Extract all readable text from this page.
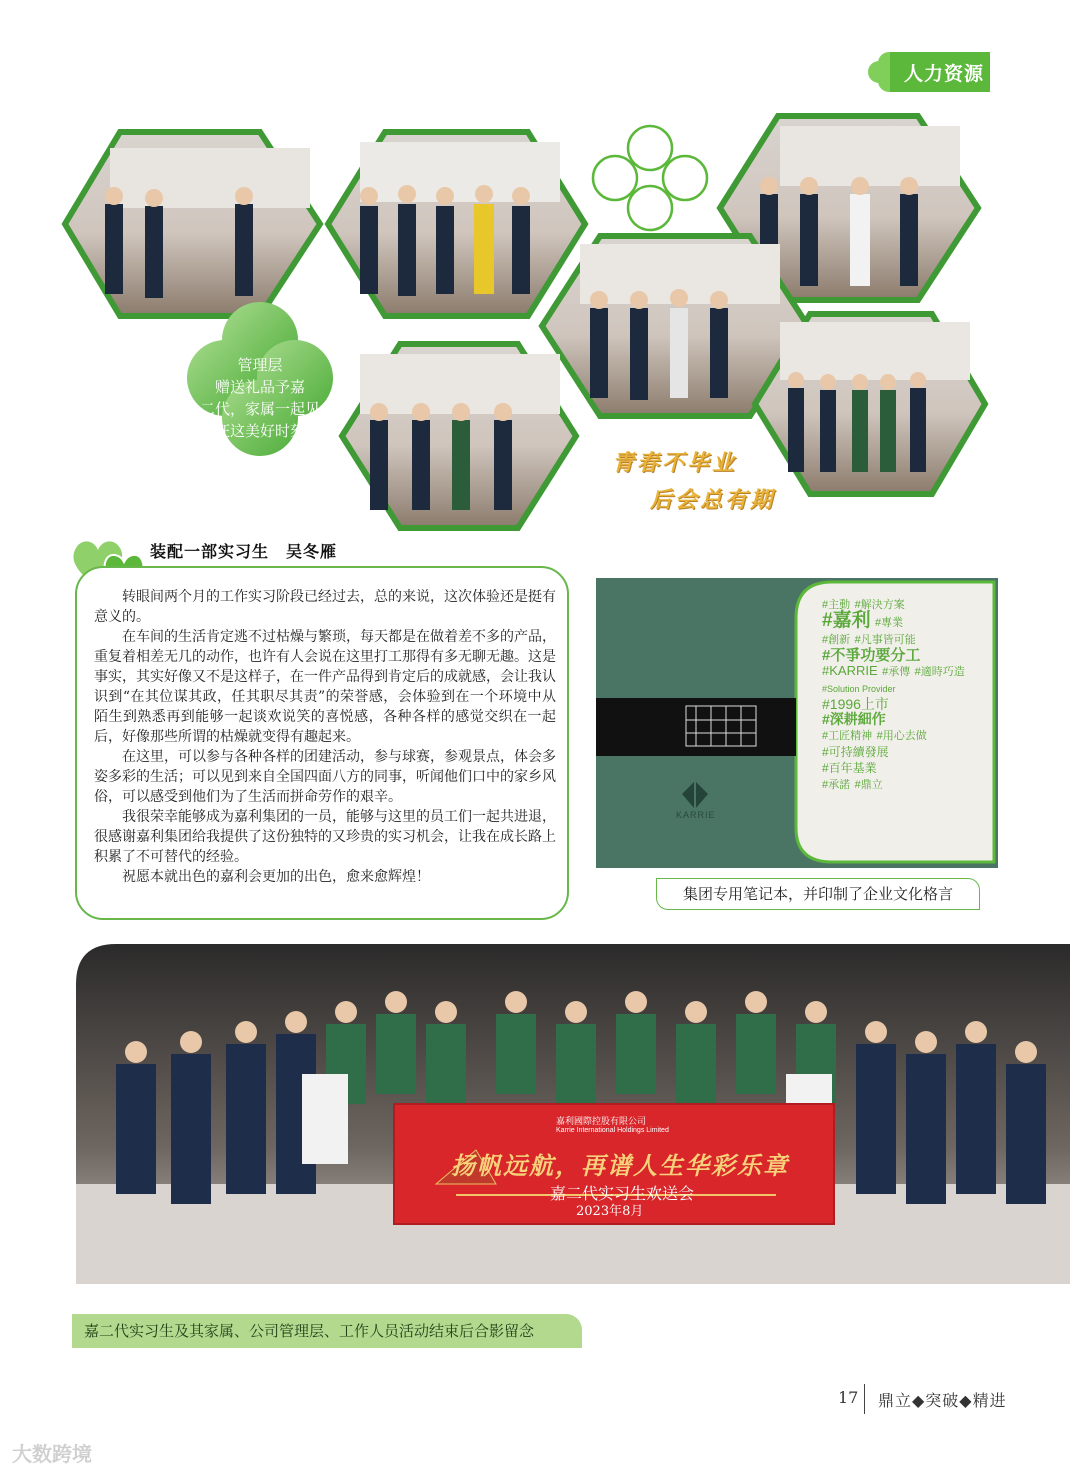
人力资源
管理层
赠送礼品予嘉
二代，家属一起见
证这美好时刻
青春不毕业
后会总有期
装配一部实习生　吴冬雁

转眼间两个月的工作实习阶段已经过去，总的来说，这次体验还是挺有意义的。

在车间的生活肯定逃不过枯燥与繁琐，每天都是在做着差不多的产品，重复着相差无几的动作，也许有人会说在这里打工那得有多无聊无趣。这是事实，其实好像又不是这样子，在一件产品得到肯定后的成就感，会让我认识到“在其位谋其政，任其职尽其责”的荣誉感，会体验到在一个环境中从陌生到熟悉再到能够一起谈欢说笑的喜悦感，各种各样的感觉交织在一起后，好像那些所谓的枯燥就变得有趣起来。

在这里，可以参与各种各样的团建活动，参与球赛，参观景点，体会多姿多彩的生活；可以见到来自全国四面八方的同事，听闻他们口中的家乡风俗，可以感受到他们为了生活而拼命劳作的艰辛。

我很荣幸能够成为嘉利集团的一员，能够与这里的员工们一起共进退，很感谢嘉利集团给我提供了这份独特的又珍贵的实习机会，让我在成长路上积累了不可替代的经验。

祝愿本就出色的嘉利会更加的出色，愈来愈辉煌！

KARRIE
#主動 #解決方案
#嘉利 #專業
#創新 #凡事皆可能
#不爭功要分工
#KARRIE #承傳 #適時巧造
#Solution Provider
#1996上市
#深耕細作
#工匠精神 #用心去做
#可持續發展
#百年基業
#承諾 #鼎立
集团专用笔记本，并印制了企业文化格言
嘉利國際控股有限公司
Karrie International Holdings Limited
扬帆远航，再谱人生华彩乐章
嘉二代实习生欢送会
2023年8月
嘉二代实习生及其家属、公司管理层、工作人员活动结束后合影留念
17 鼎立◆突破◆精进
大数跨境
